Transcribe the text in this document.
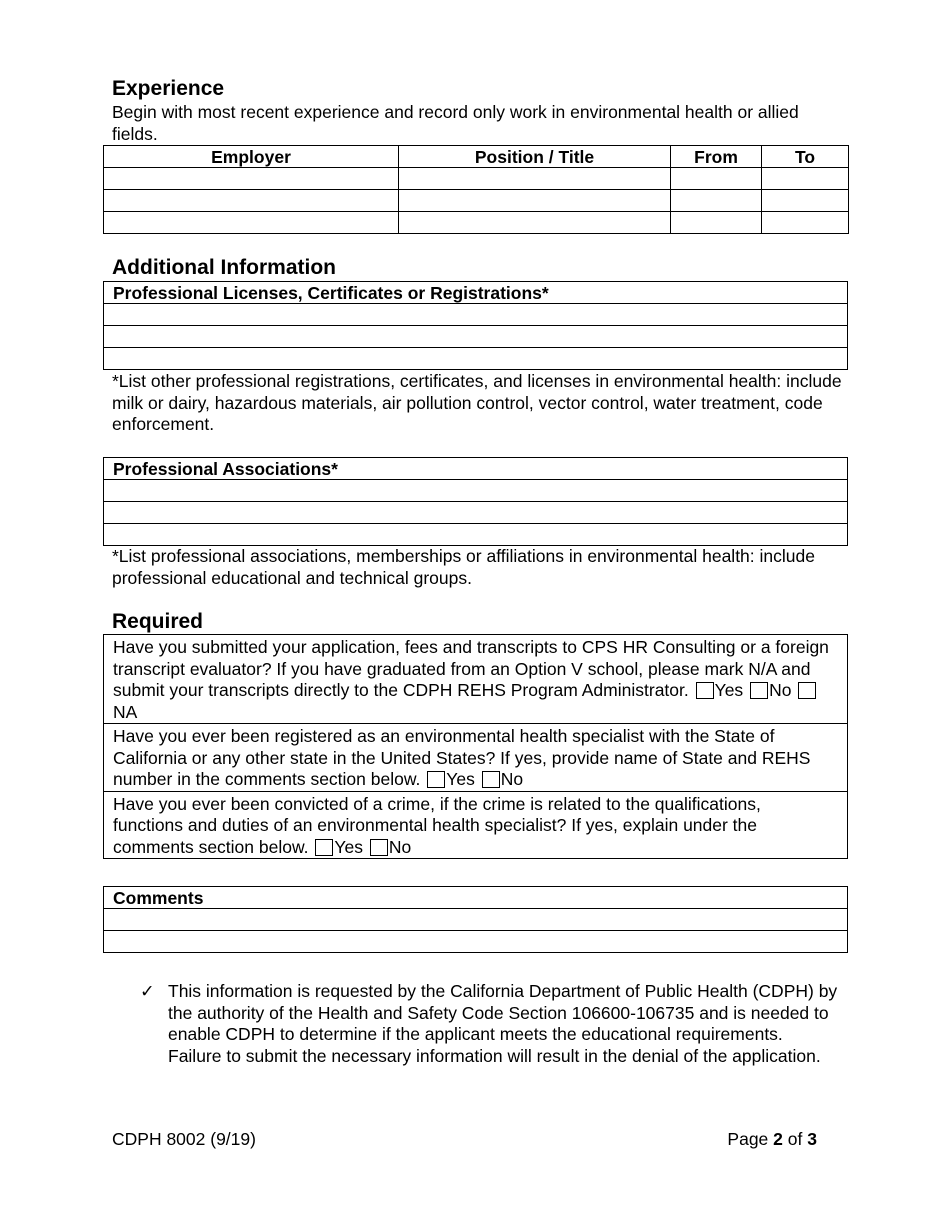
Experience

Begin with most recent experience and record only work in environmental health or allied fields.

Employer	Position / Title	From	To

Additional Information
Professional Licenses, Certificates or Registrations*

*List other professional registrations, certificates, and licenses in environmental health: include milk or dairy, hazardous materials, air pollution control, vector control, water treatment, code enforcement.

Professional Associations*

*List professional associations, memberships or affiliations in environmental health: include professional educational and technical groups.

Required
Have you submitted your application, fees and transcripts to CPS HR Consulting or a foreign transcript evaluator? If you have graduated from an Option V school, please mark N/A and submit your transcripts directly to the CDPH REHS Program Administrator. Yes No NA
Have you ever been registered as an environmental health specialist with the State of California or any other state in the United States? If yes, provide name of State and REHS number in the comments section below. Yes No
Have you ever been convicted of a crime, if the crime is related to the qualifications, functions and duties of an environmental health specialist? If yes, explain under the comments section below. Yes No
Comments

✓ This information is requested by the California Department of Public Health (CDPH) by the authority of the Health and Safety Code Section 106600-106735 and is needed to enable CDPH to determine if the applicant meets the educational requirements. Failure to submit the necessary information will result in the denial of the application.
CDPH 8002 (9/19)	Page 2 of 3
